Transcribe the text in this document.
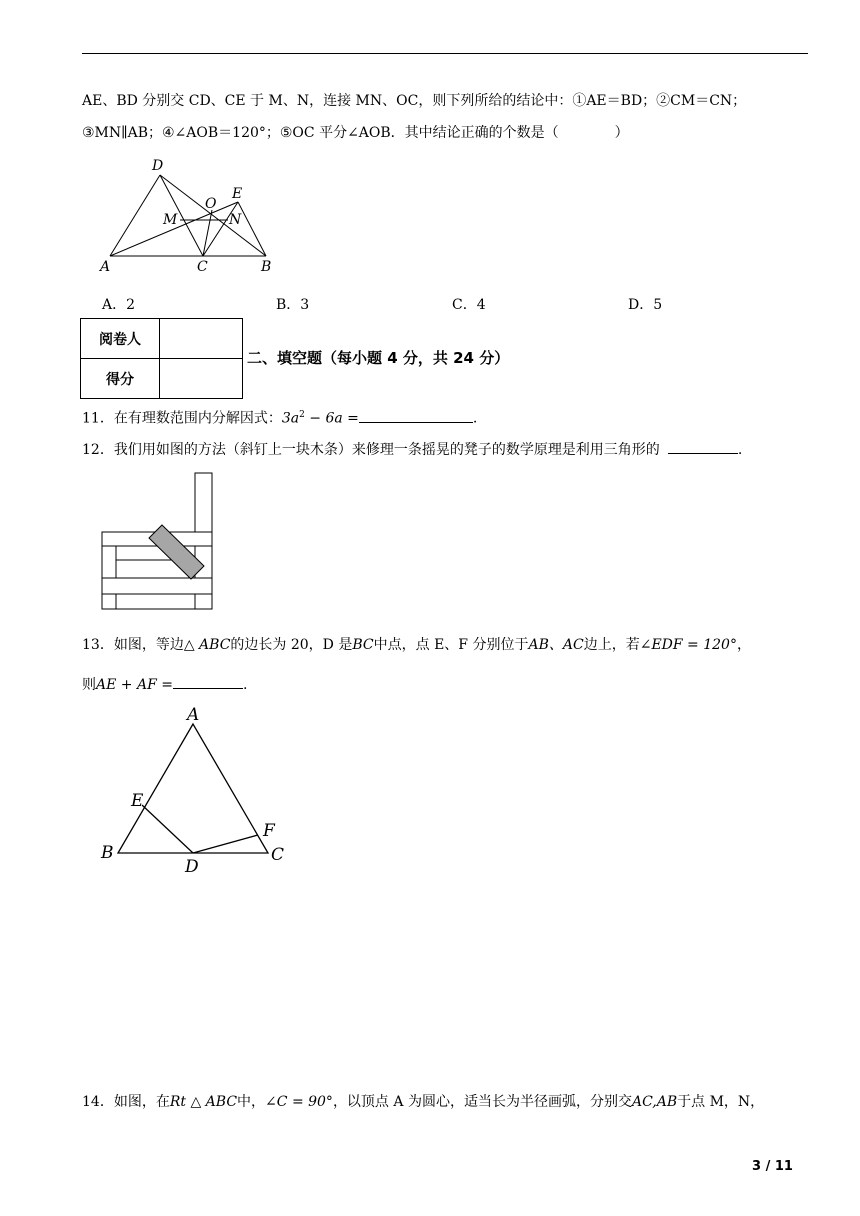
AE、BD 分别交 CD、CE 于 M、N，连接 MN、OC，则下列所给的结论中：①AE＝BD；②CM＝CN；
③MN∥AB；④∠AOB＝120°；⑤OC 平分∠AOB．其中结论正确的个数是（　　　　）
D
E
O
M	N
A	C	B
A．2	B．3	C．4	D．5
阅卷人	
得分	
二、填空题（每小题 4 分，共 24 分）
11．在有理数范围内分解因式：$3a^2 - 6a$ =	.
12．我们用如图的方法（斜钉上一块木条）来修理一条摇晃的凳子的数学原理是利用三角形的	.
13．如图，等边△ ABC的边长为 20，D 是BC中点，点 E、F 分别位于AB、AC边上，若∠EDF = 120°，
则AE + AF =	.
A
E
F
B
D
C
14．如图，在Rt △ ABC中，∠C = 90°，以顶点 A 为圆心，适当长为半径画弧，分别交AC,AB于点 M，N，
3 / 11
